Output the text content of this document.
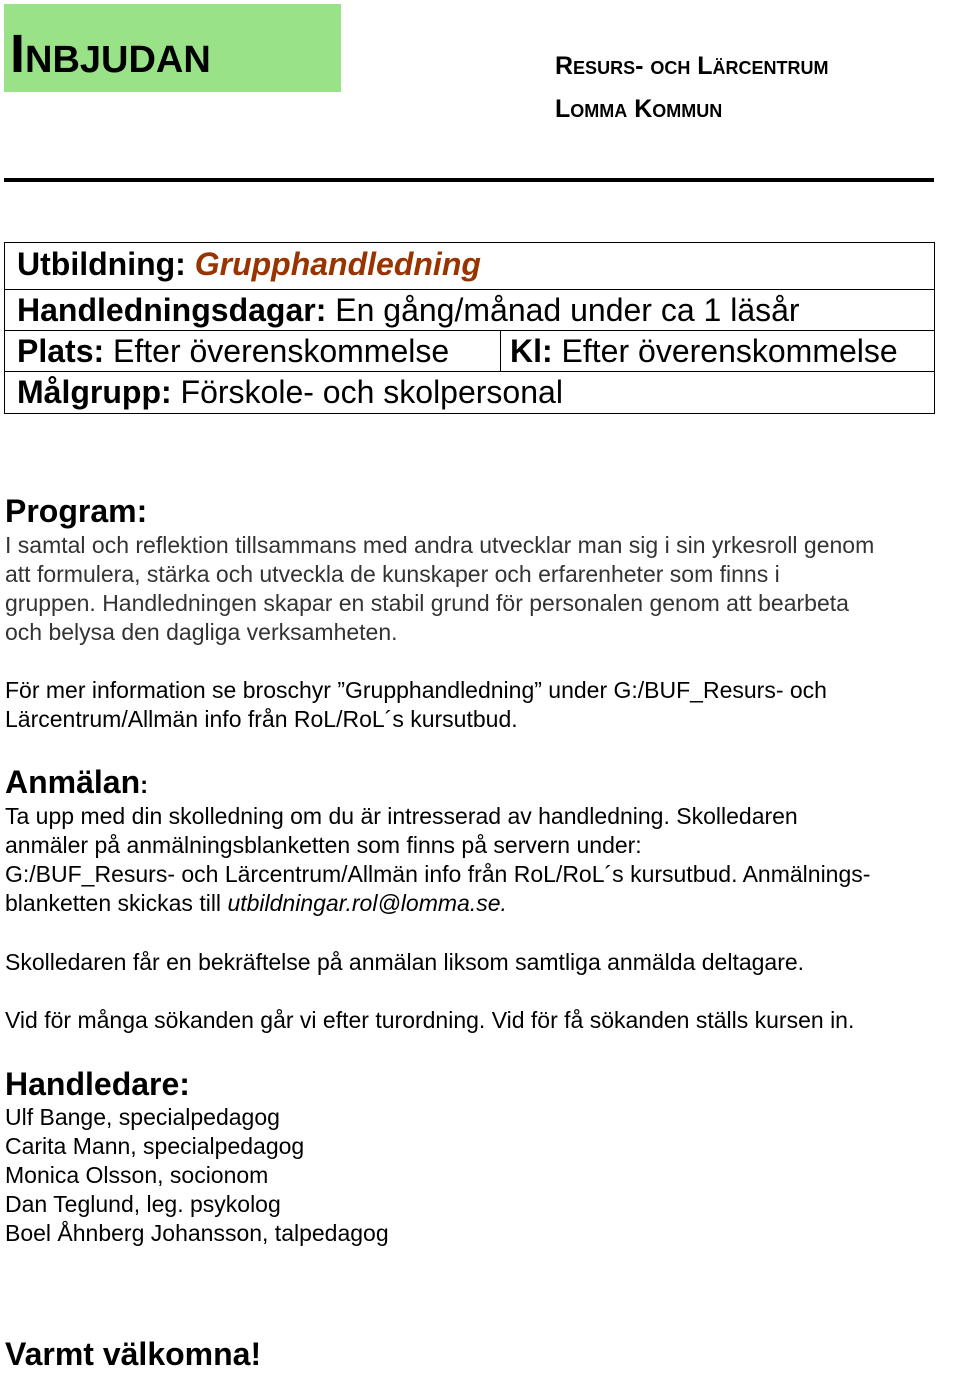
Inbjudan	Resurs- och Lärcentrum
Lomma Kommun
Utbildning: Grupphandledning
Handledningsdagar: En gång/månad under ca 1 läsår
Plats: Efter överenskommelse	Kl: Efter överenskommelse
Målgrupp: Förskole- och skolpersonal
Program:
I samtal och reflektion tillsammans med andra utvecklar man sig i sin yrkesroll genom
att formulera, stärka och utveckla de kunskaper och erfarenheter som finns i
gruppen. Handledningen skapar en stabil grund för personalen genom att bearbeta
och belysa den dagliga verksamheten.
För mer information se broschyr ”Grupphandledning” under G:/BUF_Resurs- och
Lärcentrum/Allmän info från RoL/RoL´s kursutbud.
Anmälan:
Ta upp med din skolledning om du är intresserad av handledning. Skolledaren
anmäler på anmälningsblanketten som finns på servern under:
G:/BUF_Resurs- och Lärcentrum/Allmän info från RoL/RoL´s kursutbud. Anmälnings-
blanketten skickas till utbildningar.rol@lomma.se.
Skolledaren får en bekräftelse på anmälan liksom samtliga anmälda deltagare.
Vid för många sökanden går vi efter turordning. Vid för få sökanden ställs kursen in.
Handledare:
Ulf Bange, specialpedagog
Carita Mann, specialpedagog
Monica Olsson, socionom
Dan Teglund, leg. psykolog
Boel Åhnberg Johansson, talpedagog
Varmt välkomna!
